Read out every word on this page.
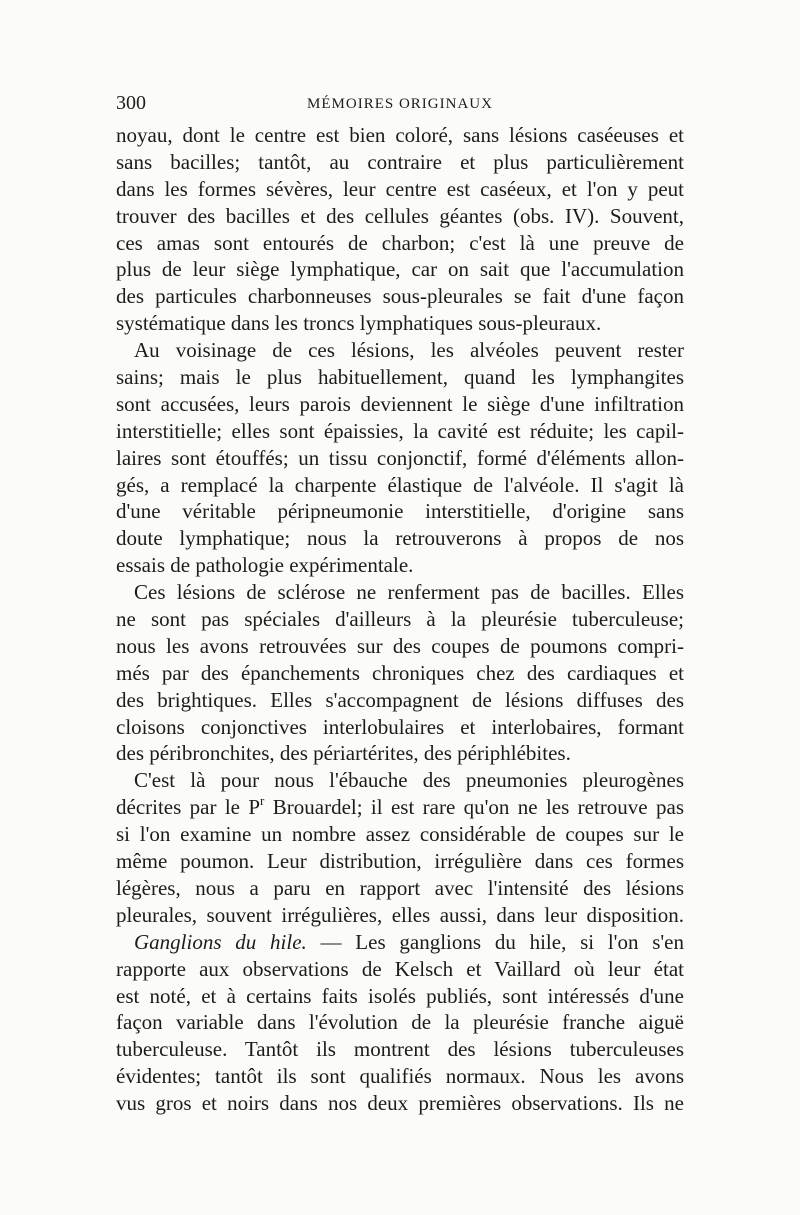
300	MÉMOIRES ORIGINAUX
noyau, dont le centre est bien coloré, sans lésions caséeuses et
sans bacilles; tantôt, au contraire et plus particulièrement
dans les formes sévères, leur centre est caséeux, et l'on y peut
trouver des bacilles et des cellules géantes (obs. IV). Souvent,
ces amas sont entourés de charbon; c'est là une preuve de
plus de leur siège lymphatique, car on sait que l'accumulation
des particules charbonneuses sous-pleurales se fait d'une façon
systématique dans les troncs lymphatiques sous-pleuraux.
Au voisinage de ces lésions, les alvéoles peuvent rester
sains; mais le plus habituellement, quand les lymphangites
sont accusées, leurs parois deviennent le siège d'une infiltration
interstitielle; elles sont épaissies, la cavité est réduite; les capil-
laires sont étouffés; un tissu conjonctif, formé d'éléments allon-
gés, a remplacé la charpente élastique de l'alvéole. Il s'agit là
d'une véritable péripneumonie interstitielle, d'origine sans
doute lymphatique; nous la retrouverons à propos de nos
essais de pathologie expérimentale.
Ces lésions de sclérose ne renferment pas de bacilles. Elles
ne sont pas spéciales d'ailleurs à la pleurésie tuberculeuse;
nous les avons retrouvées sur des coupes de poumons compri-
més par des épanchements chroniques chez des cardiaques et
des brightiques. Elles s'accompagnent de lésions diffuses des
cloisons conjonctives interlobulaires et interlobaires, formant
des péribronchites, des périartérites, des périphlébites.
C'est là pour nous l'ébauche des pneumonies pleurogènes
décrites par le $P^r$ Brouardel; il est rare qu'on ne les retrouve pas
si l'on examine un nombre assez considérable de coupes sur le
même poumon. Leur distribution, irrégulière dans ces formes
légères, nous a paru en rapport avec l'intensité des lésions
pleurales, souvent irrégulières, elles aussi, dans leur disposition.
Ganglions du hile. — Les ganglions du hile, si l'on s'en
rapporte aux observations de Kelsch et Vaillard où leur état
est noté, et à certains faits isolés publiés, sont intéressés d'une
façon variable dans l'évolution de la pleurésie franche aiguë
tuberculeuse. Tantôt ils montrent des lésions tuberculeuses
évidentes; tantôt ils sont qualifiés normaux. Nous les avons
vus gros et noirs dans nos deux premières observations. Ils ne
